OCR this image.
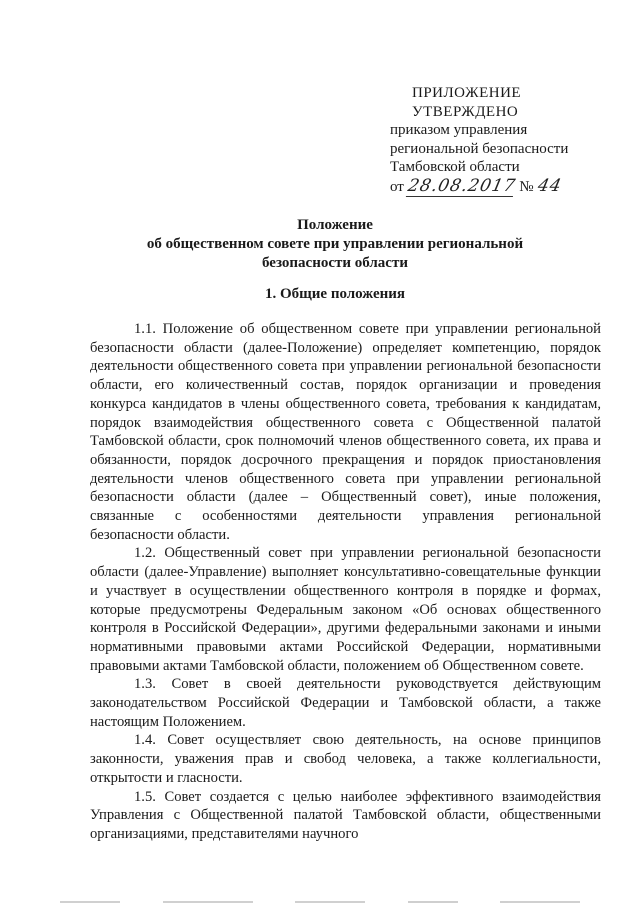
ПРИЛОЖЕНИЕ
УТВЕРЖДЕНО
приказом управления
региональной безопасности
Тамбовской области
от 28.08.2017 № 44
Положение
об общественном совете при управлении региональной
безопасности области
1. Общие положения

1.1. Положение об общественном совете при управлении региональной безопасности области (далее-Положение) определяет компетенцию, порядок деятельности общественного совета при управлении региональной безопасности области, его количественный состав, порядок организации и проведения конкурса кандидатов в члены общественного совета, требования к кандидатам, порядок взаимодействия общественного совета с Общественной палатой Тамбовской области, срок полномочий членов общественного совета, их права и обязанности, порядок досрочного прекращения и порядок приостановления деятельности членов общественного совета при управлении региональной безопасности области (далее – Общественный совет), иные положения, связанные с особенностями деятельности управления региональной безопасности области.

1.2. Общественный совет при управлении региональной безопасности области (далее-Управление) выполняет консультативно-совещательные функции и участвует в осуществлении общественного контроля в порядке и формах, которые предусмотрены Федеральным законом «Об основах общественного контроля в Российской Федерации», другими федеральными законами и иными нормативными правовыми актами Российской Федерации, нормативными правовыми актами Тамбовской области, положением об Общественном совете.

1.3. Совет в своей деятельности руководствуется действующим законодательством Российской Федерации и Тамбовской области, а также настоящим Положением.

1.4. Совет осуществляет свою деятельность, на основе принципов законности, уважения прав и свобод человека, а также коллегиальности, открытости и гласности.

1.5. Совет создается с целью наиболее эффективного взаимодействия Управления с Общественной палатой Тамбовской области, общественными организациями, представителями научного
